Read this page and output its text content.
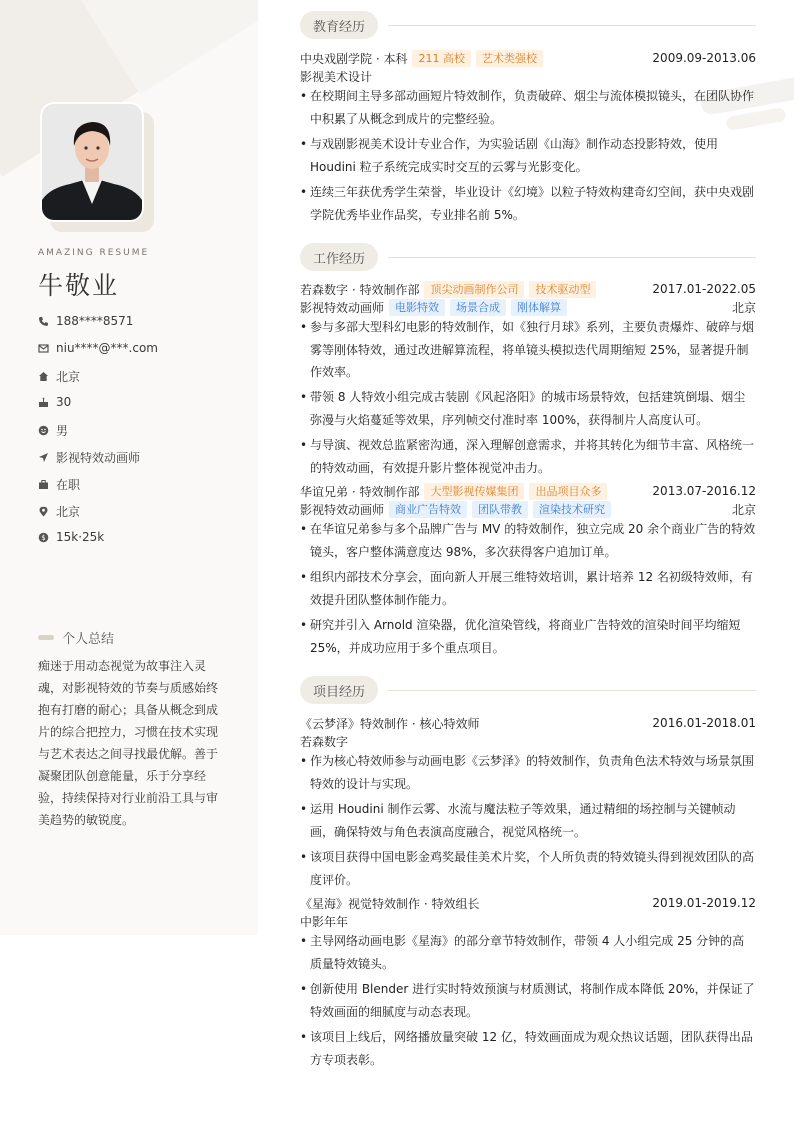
AMAZING RESUME
牛敬业
188****8571
niu****@***.com
北京
30
男
影视特效动画师
在职
北京
$ 15k·25k
个人总结
痴迷于用动态视觉为故事注入灵魂，对影视特效的节奏与质感始终抱有打磨的耐心；具备从概念到成片的综合把控力，习惯在技术实现与艺术表达之间寻找最优解。善于凝聚团队创意能量，乐于分享经验，持续保持对行业前沿工具与审美趋势的敏锐度。
教育经历
中央戏剧学院 · 本科	211 高校	艺术类强校	2009.09-2013.06
影视美术设计
• 在校期间主导多部动画短片特效制作，负责破碎、烟尘与流体模拟镜头，在团队协作中积累了从概念到成片的完整经验。
• 与戏剧影视美术设计专业合作，为实验话剧《山海》制作动态投影特效，使用 Houdini 粒子系统完成实时交互的云雾与光影变化。
• 连续三年获优秀学生荣誉，毕业设计《幻境》以粒子特效构建奇幻空间，获中央戏剧学院优秀毕业作品奖，专业排名前 5%。
工作经历
若森数字 · 特效制作部	顶尖动画制作公司	技术驱动型	2017.01-2022.05
影视特效动画师	电影特效	场景合成	刚体解算	北京
• 参与多部大型科幻电影的特效制作，如《独行月球》系列，主要负责爆炸、破碎与烟雾等刚体特效，通过改进解算流程，将单镜头模拟迭代周期缩短 25%，显著提升制作效率。
• 带领 8 人特效小组完成古装剧《风起洛阳》的城市场景特效，包括建筑倒塌、烟尘弥漫与火焰蔓延等效果，序列帧交付准时率 100%，获得制片人高度认可。
• 与导演、视效总监紧密沟通，深入理解创意需求，并将其转化为细节丰富、风格统一的特效动画，有效提升影片整体视觉冲击力。
华谊兄弟 · 特效制作部	大型影视传媒集团	出品项目众多	2013.07-2016.12
影视特效动画师	商业广告特效	团队带教	渲染技术研究	北京
• 在华谊兄弟参与多个品牌广告与 MV 的特效制作，独立完成 20 余个商业广告的特效镜头，客户整体满意度达 98%，多次获得客户追加订单。
• 组织内部技术分享会，面向新人开展三维特效培训，累计培养 12 名初级特效师，有效提升团队整体制作能力。
• 研究并引入 Arnold 渲染器，优化渲染管线，将商业广告特效的渲染时间平均缩短 25%，并成功应用于多个重点项目。
项目经历
《云梦泽》特效制作 · 核心特效师	2016.01-2018.01
若森数字
• 作为核心特效师参与动画电影《云梦泽》的特效制作，负责角色法术特效与场景氛围特效的设计与实现。
• 运用 Houdini 制作云雾、水流与魔法粒子等效果，通过精细的场控制与关键帧动画，确保特效与角色表演高度融合，视觉风格统一。
• 该项目获得中国电影金鸡奖最佳美术片奖，个人所负责的特效镜头得到视效团队的高度评价。
《星海》视觉特效制作 · 特效组长	2019.01-2019.12
中影年年
• 主导网络动画电影《星海》的部分章节特效制作，带领 4 人小组完成 25 分钟的高质量特效镜头。
• 创新使用 Blender 进行实时特效预演与材质测试，将制作成本降低 20%，并保证了特效画面的细腻度与动态表现。
• 该项目上线后，网络播放量突破 12 亿，特效画面成为观众热议话题，团队获得出品方专项表彰。
